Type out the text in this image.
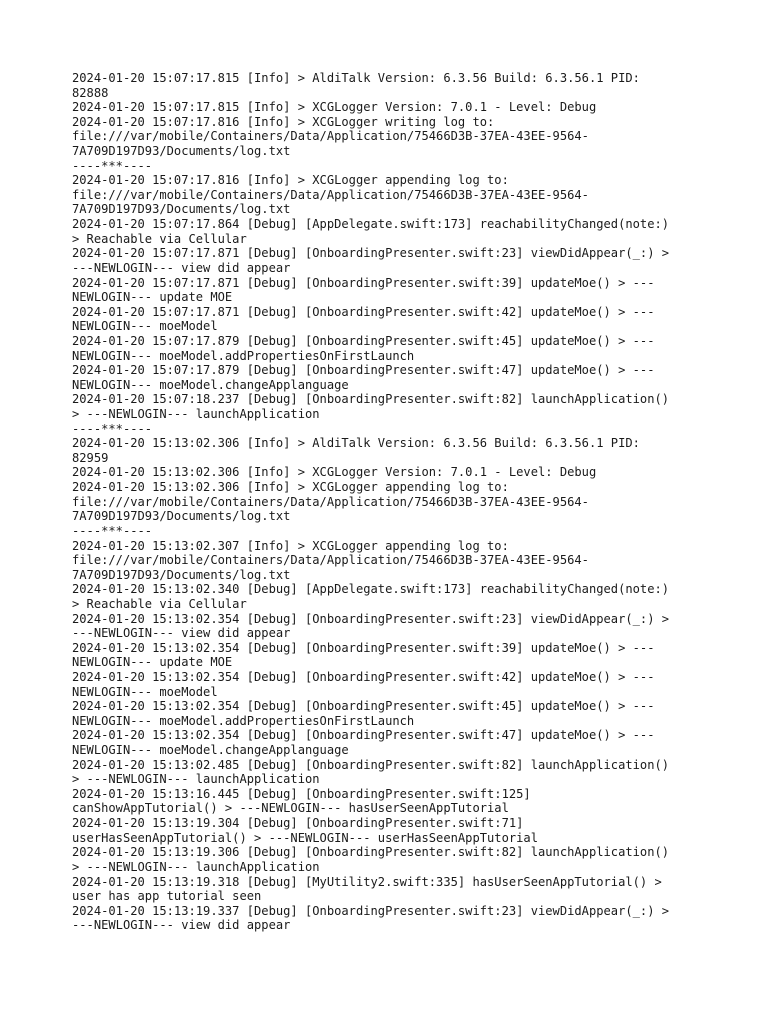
2024-01-20 15:07:17.815 [Info] > AldiTalk Version: 6.3.56 Build: 6.3.56.1 PID:
82888
2024-01-20 15:07:17.815 [Info] > XCGLogger Version: 7.0.1 - Level: Debug
2024-01-20 15:07:17.816 [Info] > XCGLogger writing log to:
file:///var/mobile/Containers/Data/Application/75466D3B-37EA-43EE-9564-
7A709D197D93/Documents/log.txt
----***----
2024-01-20 15:07:17.816 [Info] > XCGLogger appending log to:
file:///var/mobile/Containers/Data/Application/75466D3B-37EA-43EE-9564-
7A709D197D93/Documents/log.txt
2024-01-20 15:07:17.864 [Debug] [AppDelegate.swift:173] reachabilityChanged(note:)
> Reachable via Cellular
2024-01-20 15:07:17.871 [Debug] [OnboardingPresenter.swift:23] viewDidAppear(_:) >
---NEWLOGIN--- view did appear
2024-01-20 15:07:17.871 [Debug] [OnboardingPresenter.swift:39] updateMoe() > ---
NEWLOGIN--- update MOE
2024-01-20 15:07:17.871 [Debug] [OnboardingPresenter.swift:42] updateMoe() > ---
NEWLOGIN--- moeModel
2024-01-20 15:07:17.879 [Debug] [OnboardingPresenter.swift:45] updateMoe() > ---
NEWLOGIN--- moeModel.addPropertiesOnFirstLaunch
2024-01-20 15:07:17.879 [Debug] [OnboardingPresenter.swift:47] updateMoe() > ---
NEWLOGIN--- moeModel.changeApplanguage
2024-01-20 15:07:18.237 [Debug] [OnboardingPresenter.swift:82] launchApplication()
> ---NEWLOGIN--- launchApplication
----***----
2024-01-20 15:13:02.306 [Info] > AldiTalk Version: 6.3.56 Build: 6.3.56.1 PID:
82959
2024-01-20 15:13:02.306 [Info] > XCGLogger Version: 7.0.1 - Level: Debug
2024-01-20 15:13:02.306 [Info] > XCGLogger appending log to:
file:///var/mobile/Containers/Data/Application/75466D3B-37EA-43EE-9564-
7A709D197D93/Documents/log.txt
----***----
2024-01-20 15:13:02.307 [Info] > XCGLogger appending log to:
file:///var/mobile/Containers/Data/Application/75466D3B-37EA-43EE-9564-
7A709D197D93/Documents/log.txt
2024-01-20 15:13:02.340 [Debug] [AppDelegate.swift:173] reachabilityChanged(note:)
> Reachable via Cellular
2024-01-20 15:13:02.354 [Debug] [OnboardingPresenter.swift:23] viewDidAppear(_:) >
---NEWLOGIN--- view did appear
2024-01-20 15:13:02.354 [Debug] [OnboardingPresenter.swift:39] updateMoe() > ---
NEWLOGIN--- update MOE
2024-01-20 15:13:02.354 [Debug] [OnboardingPresenter.swift:42] updateMoe() > ---
NEWLOGIN--- moeModel
2024-01-20 15:13:02.354 [Debug] [OnboardingPresenter.swift:45] updateMoe() > ---
NEWLOGIN--- moeModel.addPropertiesOnFirstLaunch
2024-01-20 15:13:02.354 [Debug] [OnboardingPresenter.swift:47] updateMoe() > ---
NEWLOGIN--- moeModel.changeApplanguage
2024-01-20 15:13:02.485 [Debug] [OnboardingPresenter.swift:82] launchApplication()
> ---NEWLOGIN--- launchApplication
2024-01-20 15:13:16.445 [Debug] [OnboardingPresenter.swift:125]
canShowAppTutorial() > ---NEWLOGIN--- hasUserSeenAppTutorial
2024-01-20 15:13:19.304 [Debug] [OnboardingPresenter.swift:71]
userHasSeenAppTutorial() > ---NEWLOGIN--- userHasSeenAppTutorial
2024-01-20 15:13:19.306 [Debug] [OnboardingPresenter.swift:82] launchApplication()
> ---NEWLOGIN--- launchApplication
2024-01-20 15:13:19.318 [Debug] [MyUtility2.swift:335] hasUserSeenAppTutorial() >
user has app tutorial seen
2024-01-20 15:13:19.337 [Debug] [OnboardingPresenter.swift:23] viewDidAppear(_:) >
---NEWLOGIN--- view did appear
